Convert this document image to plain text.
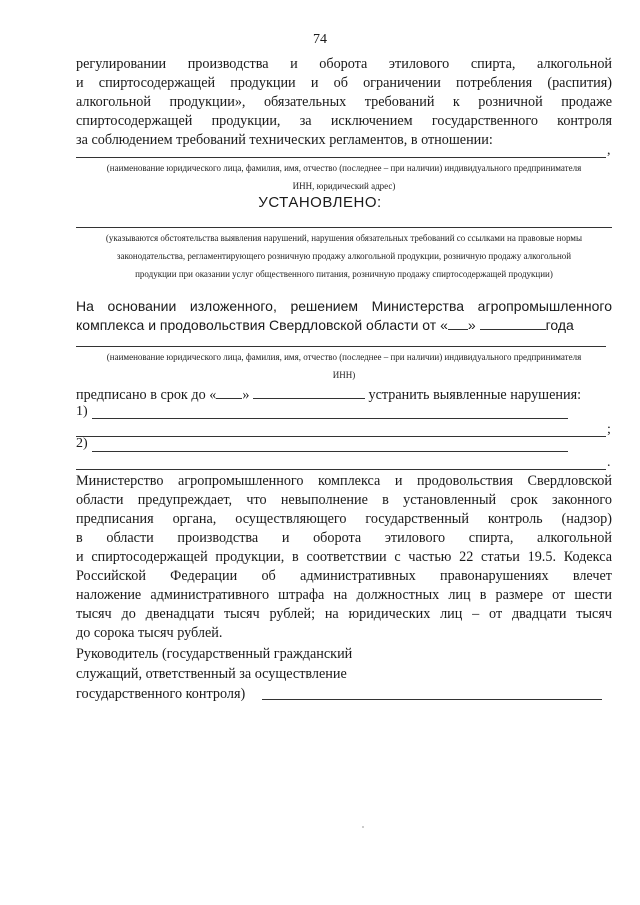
74
регулировании производства и оборота этилового спирта, алкогольной
и спиртосодержащей продукции и об ограничении потребления (распития)
алкогольной продукции», обязательных требований к розничной продаже
спиртосодержащей продукции, за исключением государственного контроля
за соблюдением требований технических регламентов, в отношении:
,
(наименование юридического лица, фамилия, имя, отчество (последнее – при наличии) индивидуального предпринимателя
ИНН, юридический адрес)
УСТАНОВЛЕНО:
(указываются обстоятельства выявления нарушений, нарушения обязательных требований со ссылками на правовые нормы
законодательства, регламентирующего розничную продажу алкогольной продукции, розничную продажу алкогольной
продукции при оказании услуг общественного питания, розничную продажу спиртосодержащей продукции)
На основании изложенного, решением Министерства агропромышленного
комплекса и продовольствия Свердловской области от « »	года
(наименование юридического лица, фамилия, имя, отчество (последнее – при наличии) индивидуального предпринимателя
ИНН)
предписано в срок до « »	устранить выявленные нарушения:
1)
;
2)
.
Министерство агропромышленного комплекса и продовольствия Свердловской
области предупреждает, что невыполнение в установленный срок законного
предписания органа, осуществляющего государственный контроль (надзор)
в области производства и оборота этилового спирта, алкогольной
и спиртосодержащей продукции, в соответствии с частью 22 статьи 19.5. Кодекса
Российской Федерации об административных правонарушениях влечет
наложение административного штрафа на должностных лиц в размере от шести
тысяч до двенадцати тысяч рублей; на юридических лиц – от двадцати тысяч
до сорока тысяч рублей.
Руководитель (государственный гражданский
служащий, ответственный за осуществление
государственного контроля)
